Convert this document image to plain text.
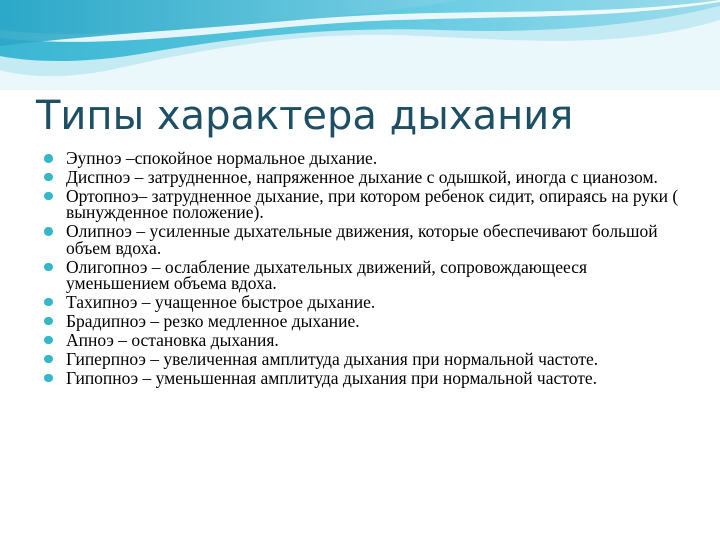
Типы характера дыхания
Эупноэ –спокойное нормальное дыхание.
Диспноэ – затрудненное, напряженное дыхание с одышкой, иногда с цианозом.
Ортопноэ– затрудненное дыхание, при котором ребенок сидит, опираясь на руки ( вынужденное положение).
Олипноэ – усиленные дыхательные движения, которые обеспечивают большой объем вдоха.
Олигопноэ – ослабление дыхательных движений, сопровождающееся уменьшением объема вдоха.
Тахипноэ – учащенное быстрое дыхание.
Брадипноэ – резко медленное дыхание.
Апноэ – остановка дыхания.
Гиперпноэ – увеличенная амплитуда дыхания при нормальной частоте.
Гипопноэ – уменьшенная амплитуда дыхания при нормальной частоте.
